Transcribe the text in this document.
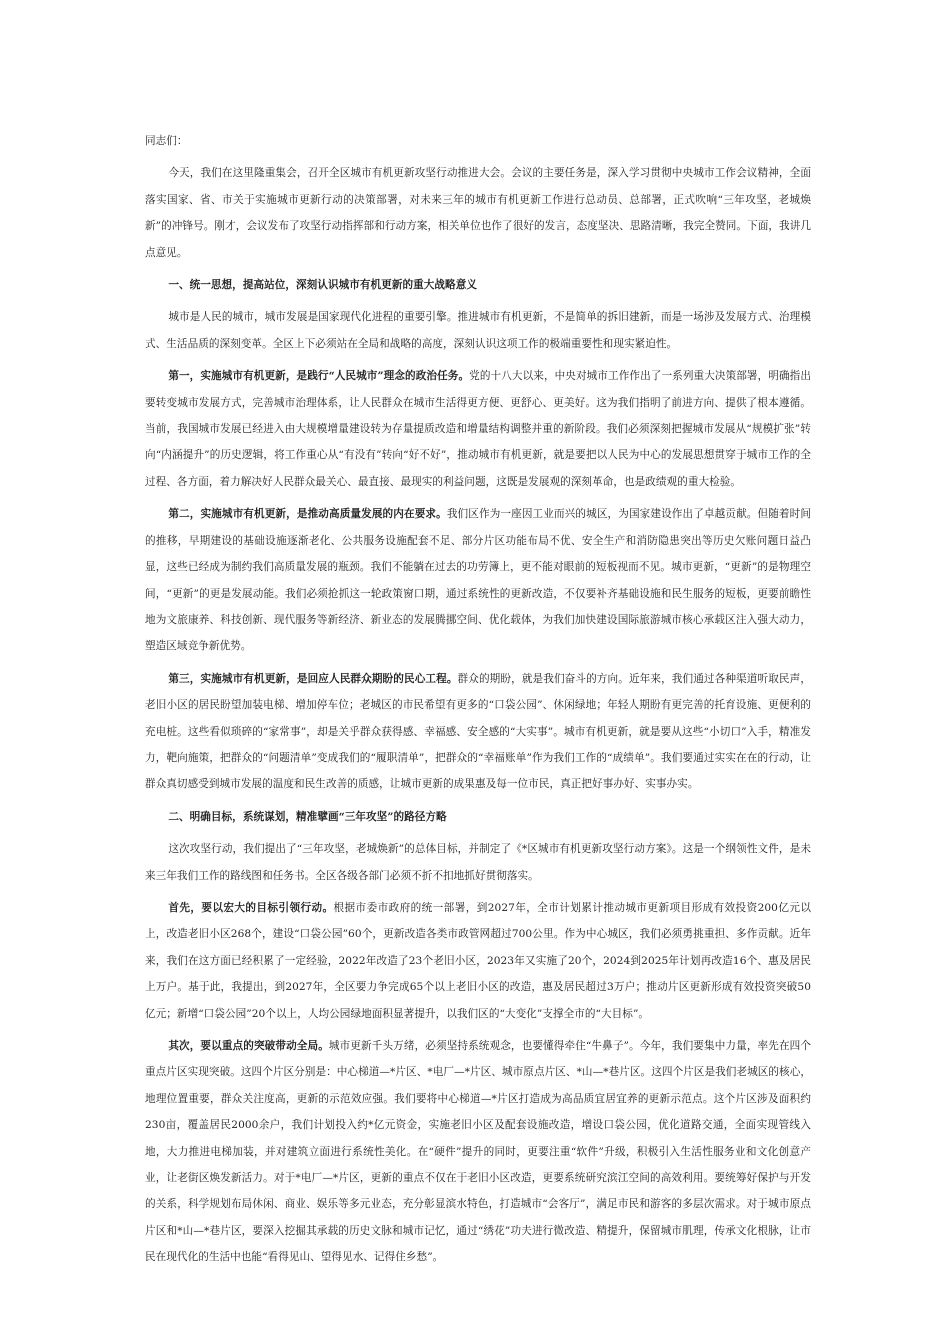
同志们：

今天，我们在这里隆重集会，召开全区城市有机更新攻坚行动推进大会。会议的主要任务是，深入学习贯彻中央城市工作会议精神，全面落实国家、省、市关于实施城市更新行动的决策部署，对未来三年的城市有机更新工作进行总动员、总部署，正式吹响“三年攻坚，老城焕新”的冲锋号。刚才，会议发布了攻坚行动指挥部和行动方案，相关单位也作了很好的发言，态度坚决、思路清晰，我完全赞同。下面，我讲几点意见。

一、统一思想，提高站位，深刻认识城市有机更新的重大战略意义

城市是人民的城市，城市发展是国家现代化进程的重要引擎。推进城市有机更新，不是简单的拆旧建新，而是一场涉及发展方式、治理模式、生活品质的深刻变革。全区上下必须站在全局和战略的高度，深刻认识这项工作的极端重要性和现实紧迫性。

第一，实施城市有机更新，是践行“人民城市”理念的政治任务。党的十八大以来，中央对城市工作作出了一系列重大决策部署，明确指出要转变城市发展方式，完善城市治理体系，让人民群众在城市生活得更方便、更舒心、更美好。这为我们指明了前进方向、提供了根本遵循。当前，我国城市发展已经进入由大规模增量建设转为存量提质改造和增量结构调整并重的新阶段。我们必须深刻把握城市发展从“规模扩张”转向“内涵提升”的历史逻辑，将工作重心从“有没有”转向“好不好”，推动城市有机更新，就是要把以人民为中心的发展思想贯穿于城市工作的全过程、各方面，着力解决好人民群众最关心、最直接、最现实的利益问题，这既是发展观的深刻革命，也是政绩观的重大检验。

第二，实施城市有机更新，是推动高质量发展的内在要求。我们区作为一座因工业而兴的城区，为国家建设作出了卓越贡献。但随着时间的推移，早期建设的基础设施逐渐老化、公共服务设施配套不足、部分片区功能布局不优、安全生产和消防隐患突出等历史欠账问题日益凸显，这些已经成为制约我们高质量发展的瓶颈。我们不能躺在过去的功劳簿上，更不能对眼前的短板视而不见。城市更新，“更新”的是物理空间，“更新”的更是发展动能。我们必须抢抓这一轮政策窗口期，通过系统性的更新改造，不仅要补齐基础设施和民生服务的短板，更要前瞻性地为文旅康养、科技创新、现代服务等新经济、新业态的发展腾挪空间、优化载体，为我们加快建设国际旅游城市核心承载区注入强大动力，塑造区域竞争新优势。

第三，实施城市有机更新，是回应人民群众期盼的民心工程。群众的期盼，就是我们奋斗的方向。近年来，我们通过各种渠道听取民声，老旧小区的居民盼望加装电梯、增加停车位；老城区的市民希望有更多的“口袋公园”、休闲绿地；年轻人期盼有更完善的托育设施、更便利的充电桩。这些看似琐碎的“家常事”，却是关乎群众获得感、幸福感、安全感的“大实事”。城市有机更新，就是要从这些“小切口”入手，精准发力，靶向施策，把群众的“问题清单”变成我们的“履职清单”，把群众的“幸福账单”作为我们工作的“成绩单”。我们要通过实实在在的行动，让群众真切感受到城市发展的温度和民生改善的质感，让城市更新的成果惠及每一位市民，真正把好事办好、实事办实。

二、明确目标，系统谋划，精准擘画“三年攻坚”的路径方略

这次攻坚行动，我们提出了“三年攻坚，老城焕新”的总体目标，并制定了《*区城市有机更新攻坚行动方案》。这是一个纲领性文件，是未来三年我们工作的路线图和任务书。全区各级各部门必须不折不扣地抓好贯彻落实。

首先，要以宏大的目标引领行动。根据市委市政府的统一部署，到2027年，全市计划累计推动城市更新项目形成有效投资200亿元以上，改造老旧小区268个，建设“口袋公园”60个，更新改造各类市政管网超过700公里。作为中心城区，我们必须勇挑重担、多作贡献。近年来，我们在这方面已经积累了一定经验，2022年改造了23个老旧小区，2023年又实施了20个，2024到2025年计划再改造16个、惠及居民上万户。基于此，我提出，到2027年，全区要力争完成65个以上老旧小区的改造，惠及居民超过3万户；推动片区更新形成有效投资突破50亿元；新增“口袋公园”20个以上，人均公园绿地面积显著提升，以我们区的“大变化”支撑全市的“大目标”。

其次，要以重点的突破带动全局。城市更新千头万绪，必须坚持系统观念，也要懂得牵住“牛鼻子”。今年，我们要集中力量，率先在四个重点片区实现突破。这四个片区分别是：中心梯道—*片区、*电厂—*片区、城市原点片区、*山—*巷片区。这四个片区是我们老城区的核心，地理位置重要，群众关注度高，更新的示范效应强。我们要将中心梯道—*片区打造成为高品质宜居宜养的更新示范点。这个片区涉及面积约230亩，覆盖居民2000余户，我们计划投入约*亿元资金，实施老旧小区及配套设施改造，增设口袋公园，优化道路交通，全面实现管线入地，大力推进电梯加装，并对建筑立面进行系统性美化。在“硬件”提升的同时，更要注重“软件”升级，积极引入生活性服务业和文化创意产业，让老街区焕发新活力。对于*电厂—*片区，更新的重点不仅在于老旧小区改造，更要系统研究滨江空间的高效利用。要统筹好保护与开发的关系，科学规划布局休闲、商业、娱乐等多元业态，充分彰显滨水特色，打造城市“会客厅”，满足市民和游客的多层次需求。对于城市原点片区和*山—*巷片区，要深入挖掘其承载的历史文脉和城市记忆，通过“绣花”功夫进行微改造、精提升，保留城市肌理，传承文化根脉，让市民在现代化的生活中也能“看得见山、望得见水、记得住乡愁”。
